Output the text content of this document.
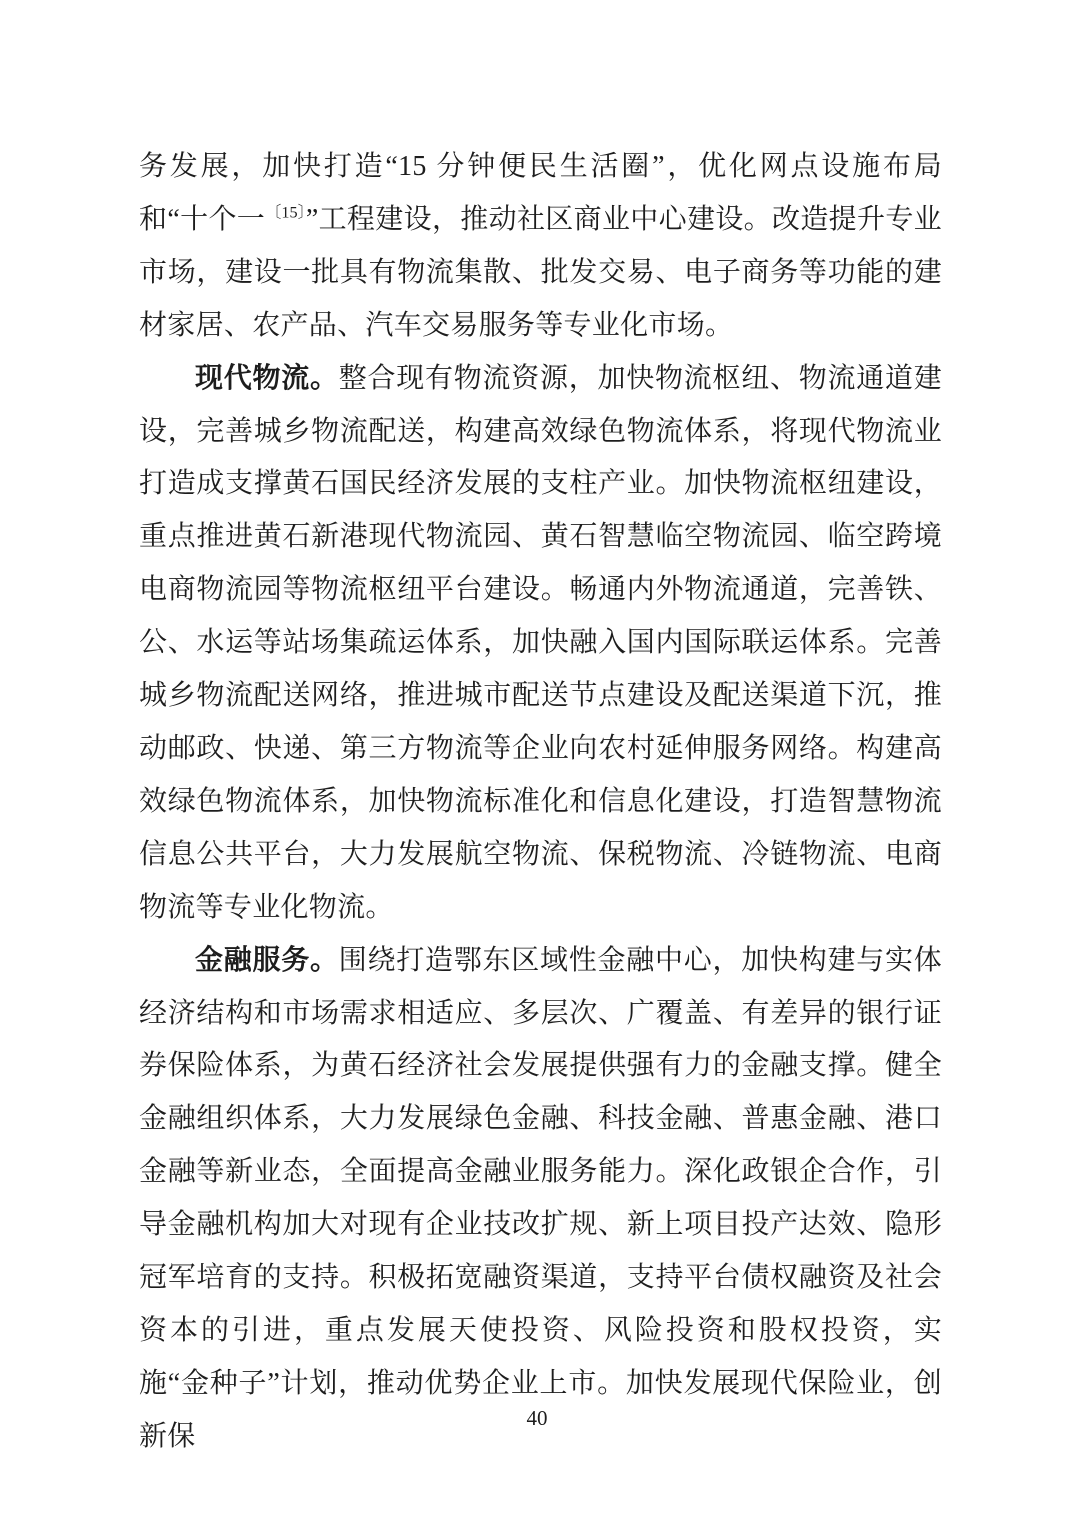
务发展，加快打造“15 分钟便民生活圈”，优化网点设施布局和“十个一$^{〔15〕}$”工程建设，推动社区商业中心建设。改造提升专业市场，建设一批具有物流集散、批发交易、电子商务等功能的建材家居、农产品、汽车交易服务等专业化市场。

现代物流。整合现有物流资源，加快物流枢纽、物流通道建设，完善城乡物流配送，构建高效绿色物流体系，将现代物流业打造成支撑黄石国民经济发展的支柱产业。加快物流枢纽建设，重点推进黄石新港现代物流园、黄石智慧临空物流园、临空跨境电商物流园等物流枢纽平台建设。畅通内外物流通道，完善铁、公、水运等站场集疏运体系，加快融入国内国际联运体系。完善城乡物流配送网络，推进城市配送节点建设及配送渠道下沉，推动邮政、快递、第三方物流等企业向农村延伸服务网络。构建高效绿色物流体系，加快物流标准化和信息化建设，打造智慧物流信息公共平台，大力发展航空物流、保税物流、冷链物流、电商物流等专业化物流。

金融服务。围绕打造鄂东区域性金融中心，加快构建与实体经济结构和市场需求相适应、多层次、广覆盖、有差异的银行证券保险体系，为黄石经济社会发展提供强有力的金融支撑。健全金融组织体系，大力发展绿色金融、科技金融、普惠金融、港口金融等新业态，全面提高金融业服务能力。深化政银企合作，引导金融机构加大对现有企业技改扩规、新上项目投产达效、隐形冠军培育的支持。积极拓宽融资渠道，支持平台债权融资及社会资本的引进，重点发展天使投资、风险投资和股权投资，实施“金种子”计划，推动优势企业上市。加快发展现代保险业，创新保

40
